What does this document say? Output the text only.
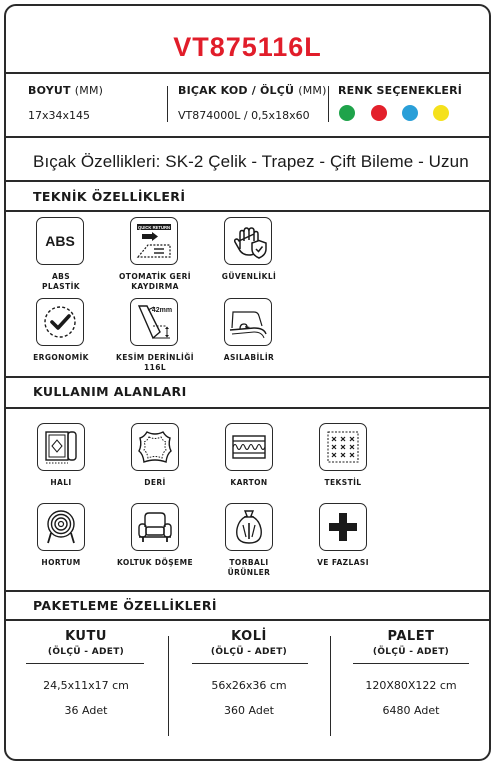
VT875116L
BOYUT (MM)
17x34x145
BIÇAK KOD / ÖLÇÜ (MM)
VT874000L / 0,5x18x60
RENK SEÇENEKLERİ
Bıçak Özellikleri: SK-2 Çelik - Trapez - Çift Bileme - Uzun
TEKNİK ÖZELLİKLERİ
ABS
ABS
PLASTİK
QUICK RETURN
OTOMATİK GERİ
KAYDIRMA
GÜVENLİKLİ
ERGONOMİK
42mm
KESİM DERİNLİĞİ
116L
ASILABİLİR
KULLANIM ALANLARI
HALI	DERİ	KARTON	TEKSTİL
HORTUM	KOLTUK DÖŞEME	TORBALI
ÜRÜNLER
VE FAZLASI
PAKETLEME ÖZELLİKLERİ
KUTU
(ÖLÇÜ - ADET)
24,5x11x17 cm
36 Adet
KOLİ
(ÖLÇÜ - ADET)
56x26x36 cm
360 Adet
PALET
(ÖLÇÜ - ADET)
120X80X122 cm
6480 Adet
